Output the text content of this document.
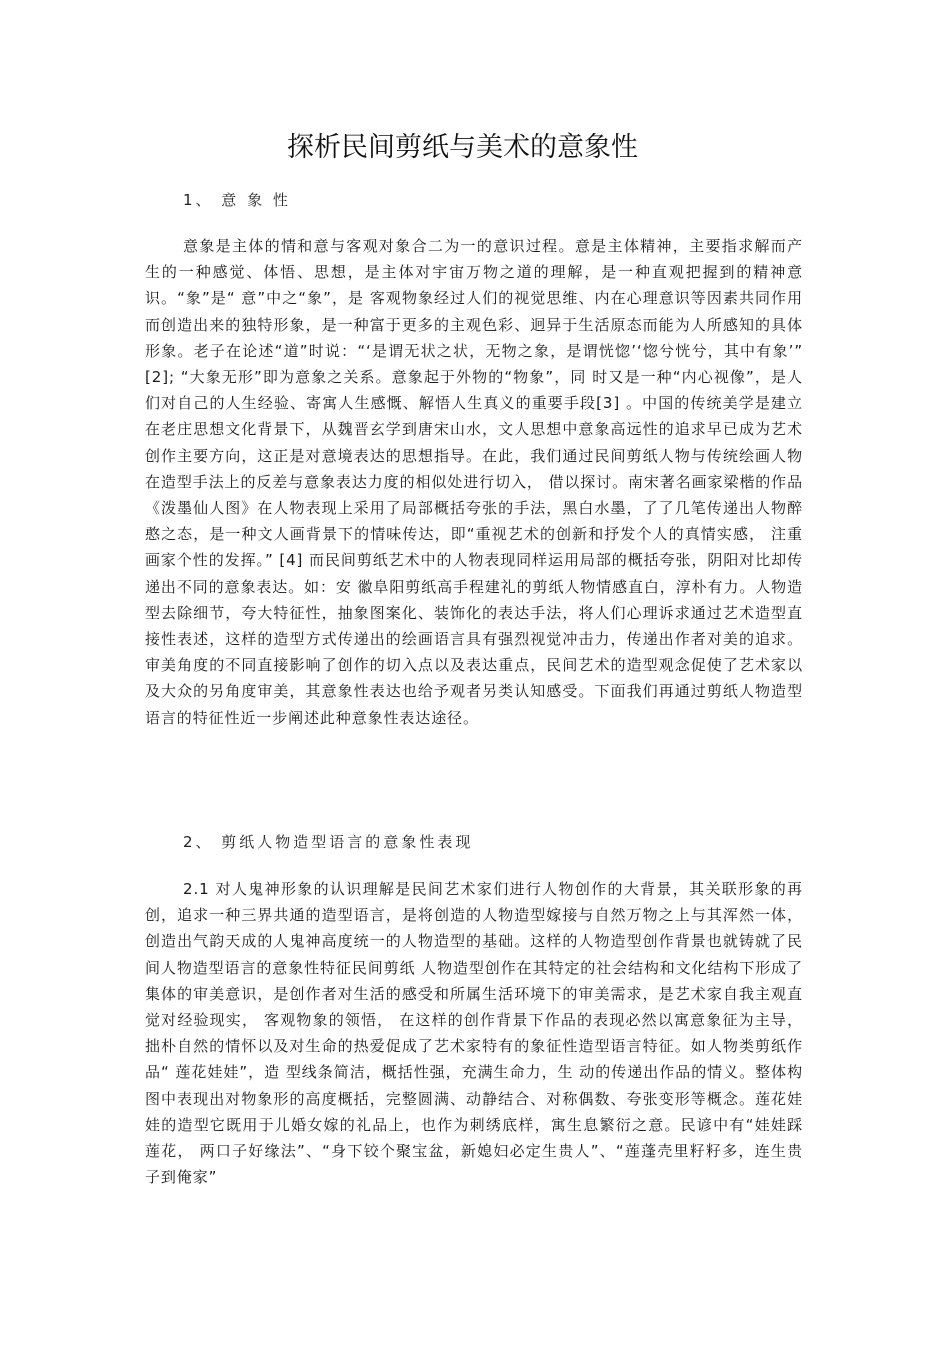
探析民间剪纸与美术的意象性
1、 意 象 性

意象是主体的情和意与客观对象合二为一的意识过程。意是主体精神，主要指求解而产生的一种感觉、体悟、思想，是主体对宇宙万物之道的理解，是一种直观把握到的精神意识。“象”是“ 意”中之“象”，是 客观物象经过人们的视觉思维、内在心理意识等因素共同作用而创造出来的独特形象，是一种富于更多的主观色彩、迥异于生活原态而能为人所感知的具体形象。老子在论述“道”时说：“‘是谓无状之状，无物之象，是谓恍惚’‘惚兮恍兮，其中有象’” [2]; “大象无形”即为意象之关系。意象起于外物的“物象”，同 时又是一种“内心视像”，是人们对自己的人生经验、寄寓人生感慨、解悟人生真义的重要手段[3] 。中国的传统美学是建立在老庄思想文化背景下，从魏晋玄学到唐宋山水，文人思想中意象高远性的追求早已成为艺术创作主要方向，这正是对意境表达的思想指导。在此，我们通过民间剪纸人物与传统绘画人物在造型手法上的反差与意象表达力度的相似处进行切入， 借以探讨。南宋著名画家梁楷的作品《泼墨仙人图》在人物表现上采用了局部概括夸张的手法，黑白水墨，了了几笔传递出人物醉憨之态，是一种文人画背景下的情味传达，即“重视艺术的创新和抒发个人的真情实感， 注重画家个性的发挥。” [4] 而民间剪纸艺术中的人物表现同样运用局部的概括夸张，阴阳对比却传递出不同的意象表达。如：安 徽阜阳剪纸高手程建礼的剪纸人物情感直白，淳朴有力。人物造型去除细节，夸大特征性，抽象图案化、装饰化的表达手法，将人们心理诉求通过艺术造型直接性表述，这样的造型方式传递出的绘画语言具有强烈视觉冲击力，传递出作者对美的追求。审美角度的不同直接影响了创作的切入点以及表达重点，民间艺术的造型观念促使了艺术家以及大众的另角度审美，其意象性表达也给予观者另类认知感受。下面我们再通过剪纸人物造型语言的特征性近一步阐述此种意象性表达途径。

2、 剪纸人物造型语言的意象性表现

2.1 对人鬼神形象的认识理解是民间艺术家们进行人物创作的大背景，其关联形象的再创，追求一种三界共通的造型语言，是将创造的人物造型嫁接与自然万物之上与其浑然一体， 创造出气韵天成的人鬼神高度统一的人物造型的基础。这样的人物造型创作背景也就铸就了民间人物造型语言的意象性特征民间剪纸 人物造型创作在其特定的社会结构和文化结构下形成了集体的审美意识，是创作者对生活的感受和所属生活环境下的审美需求，是艺术家自我主观直觉对经验现实， 客观物象的领悟， 在这样的创作背景下作品的表现必然以寓意象征为主导，拙朴自然的情怀以及对生命的热爱促成了艺术家特有的象征性造型语言特征。如人物类剪纸作品“ 莲花娃娃”，造 型线条简洁，概括性强，充满生命力，生 动的传递出作品的情义。整体构图中表现出对物象形的高度概括，完整圆满、动静结合、对称偶数、夸张变形等概念。莲花娃娃的造型它既用于儿婚女嫁的礼品上，也作为刺绣底样，寓生息繁衍之意。民谚中有“娃娃踩莲花， 两口子好缘法”、“身下铰个聚宝盆，新媳妇必定生贵人”、“莲蓬壳里籽籽多，连生贵子到俺家”
